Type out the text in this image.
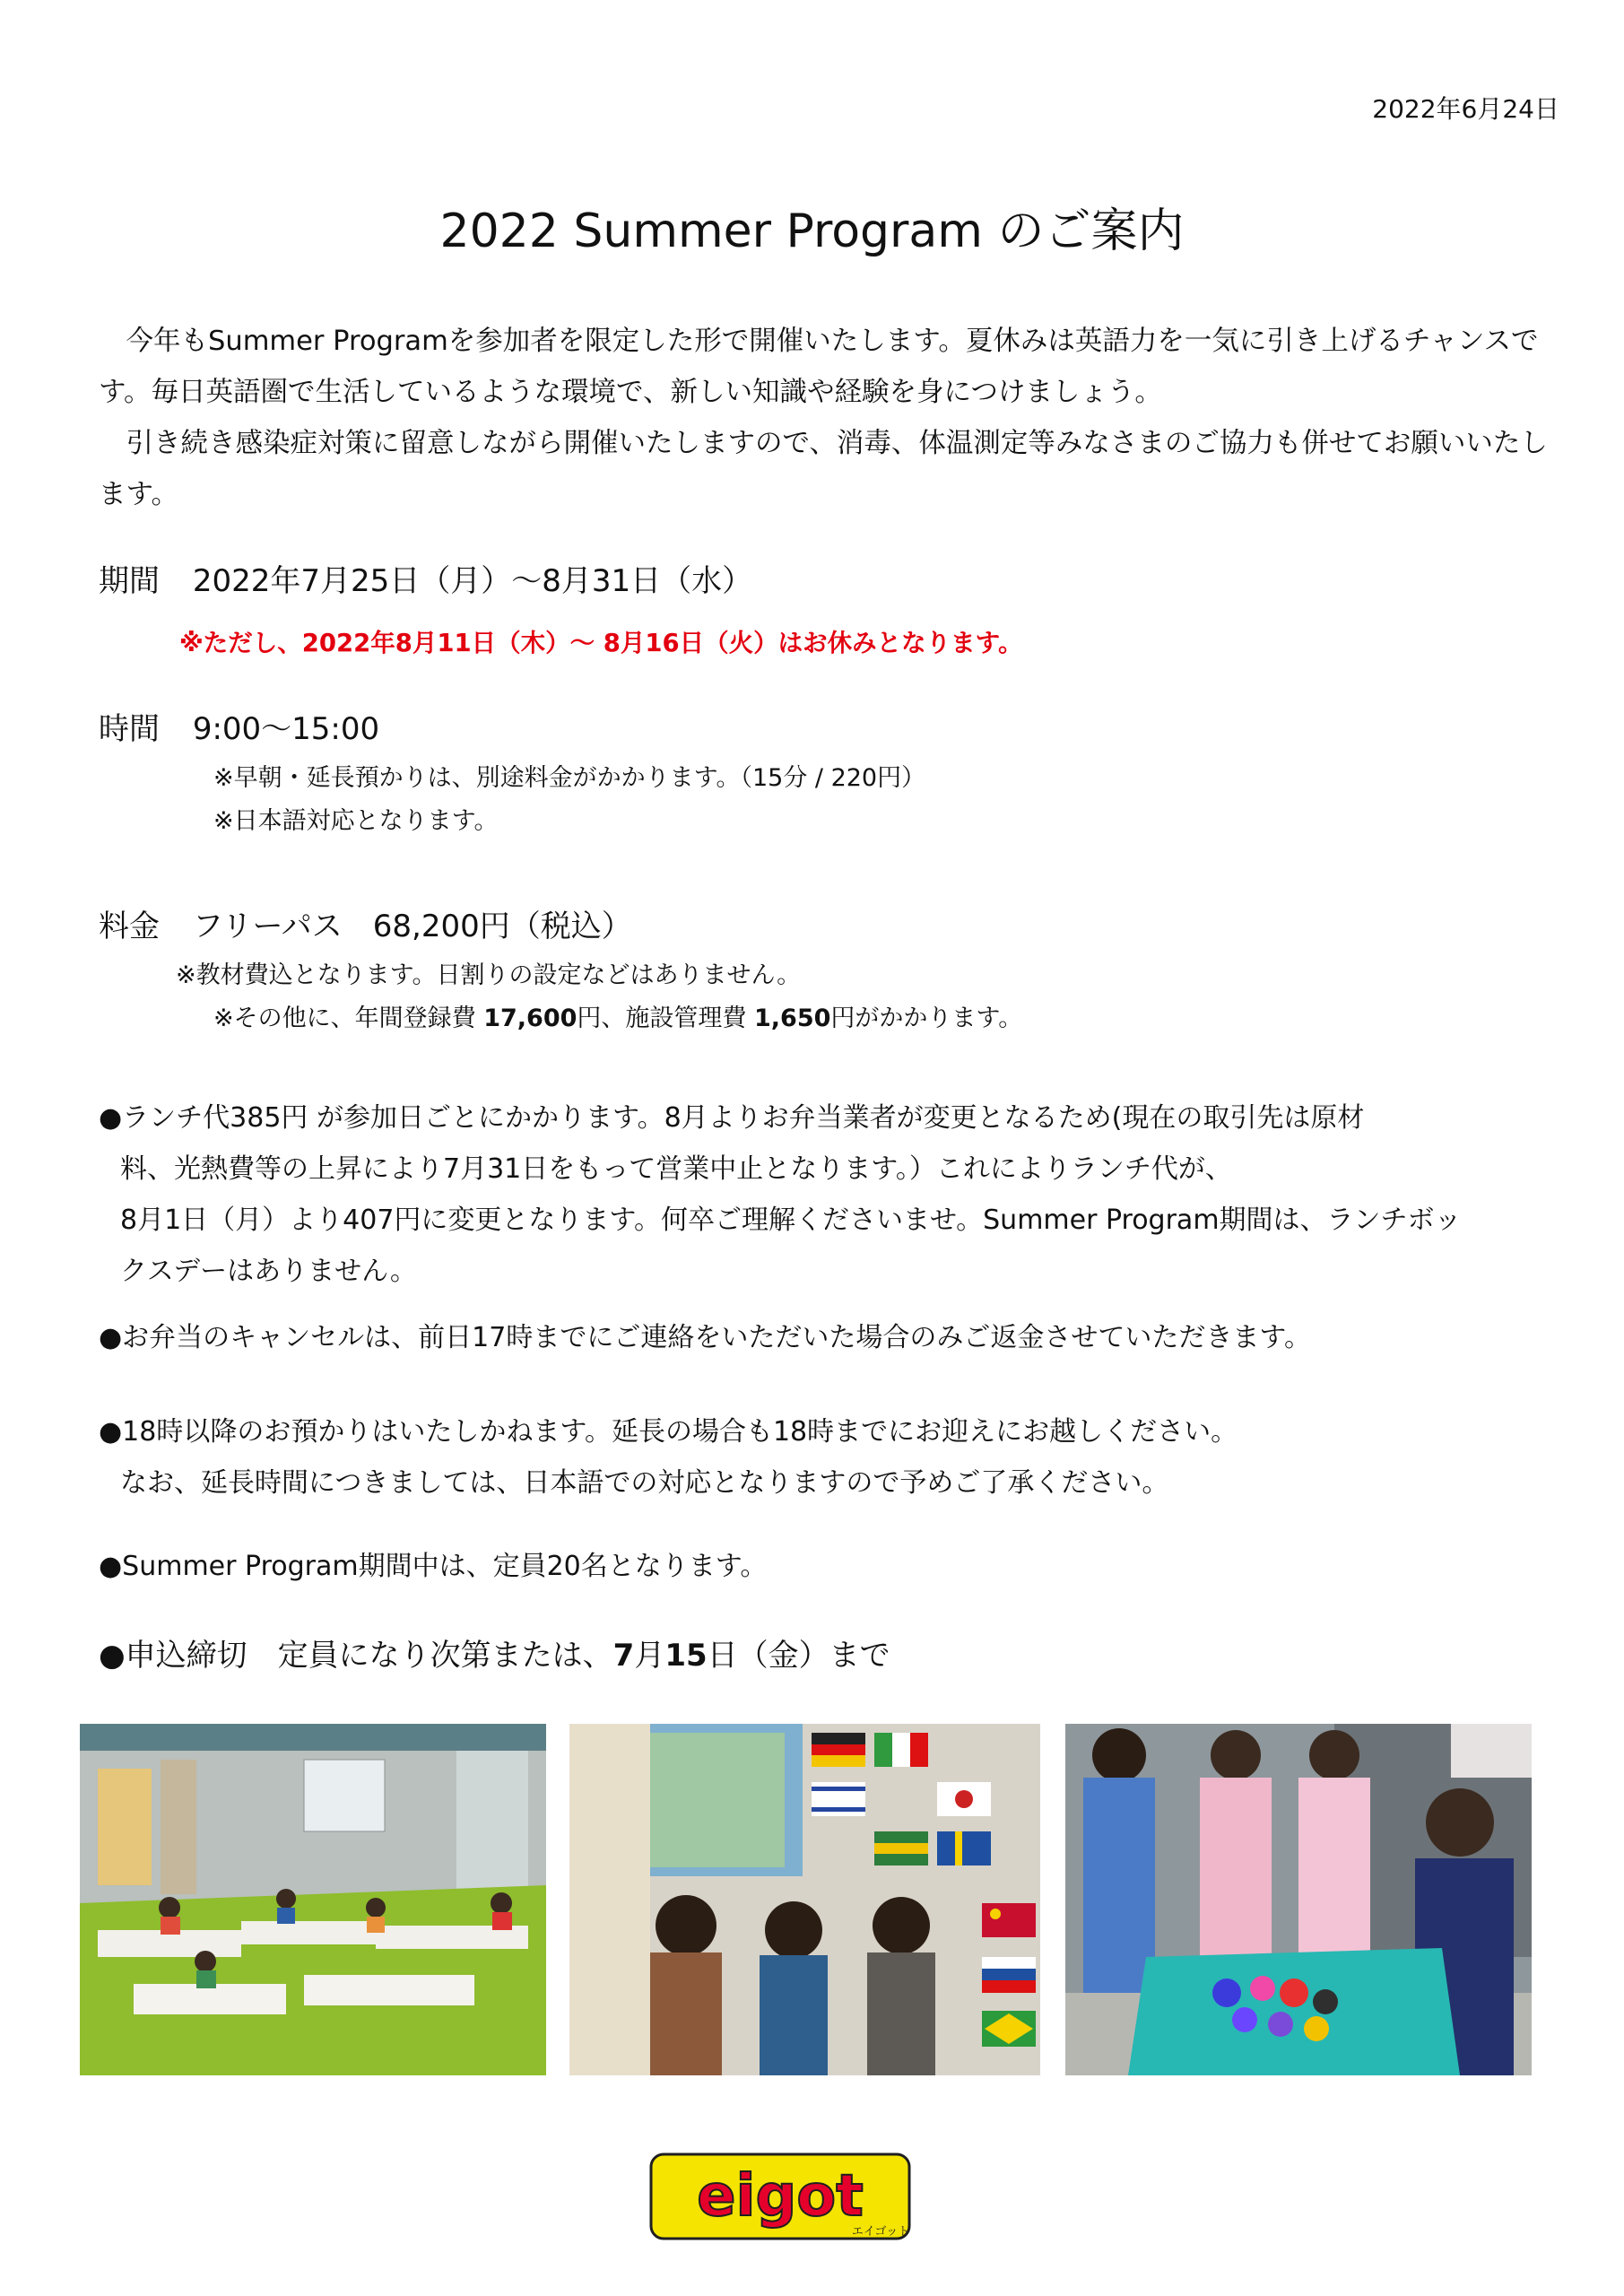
2022年6月24日
2022 Summer Program のご案内

今年もSummer Programを参加者を限定した形で開催いたします。夏休みは英語力を一気に引き上げるチャンスです。毎日英語圏で生活しているような環境で、新しい知識や経験を身につけましょう。

引き続き感染症対策に留意しながら開催いたしますので、消毒、体温測定等みなさまのご協力も併せてお願いいたします。

期間 2022年7月25日（月）～8月31日（水）
※ただし、2022年8月11日（木）～ 8月16日（火）はお休みとなります。
時間 9:00～15:00
※早朝・延長預かりは、別途料金がかかります。（15分 / 220円）
※日本語対応となります。
料金 フリーパス　68,200円（税込）
※教材費込となります。日割りの設定などはありません。
※その他に、年間登録費 17,600円、施設管理費 1,650円がかかります。

●ランチ代385円 が参加日ごとにかかります。8月よりお弁当業者が変更となるため(現在の取引先は原材

料、光熱費等の上昇により7月31日をもって営業中止となります。）これによりランチ代が、

8月1日（月）より407円に変更となります。何卒ご理解くださいませ。Summer Program期間は、ランチボッ

クスデーはありません。

●お弁当のキャンセルは、前日17時までにご連絡をいただいた場合のみご返金させていただきます。

●18時以降のお預かりはいたしかねます。延長の場合も18時までにお迎えにお越しください。

なお、延長時間につきましては、日本語での対応となりますので予めご了承ください。

●Summer Program期間中は、定員20名となります。
●申込締切　定員になり次第または、7月15日（金）まで
eigot
エイゴット
